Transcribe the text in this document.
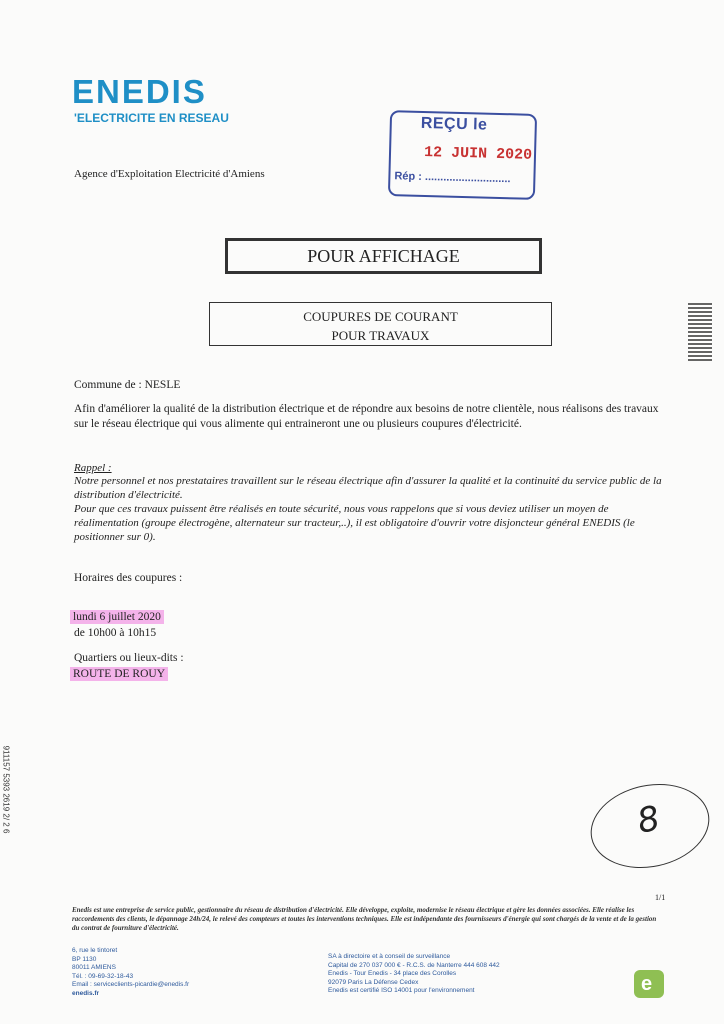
ENEDIS
'ELECTRICITE EN RESEAU
Agence d'Exploitation Electricité d'Amiens
REÇU le
12 JUIN 2020
Rép : ............................
POUR AFFICHAGE
COUPURES DE COURANT
POUR TRAVAUX
Commune de : NESLE
Afin d'améliorer la qualité de la distribution électrique et de répondre aux besoins de notre clientèle, nous réalisons des travaux sur le réseau électrique qui vous alimente qui entraineront une ou plusieurs coupures d'électricité.
Rappel :
Notre personnel et nos prestataires travaillent sur le réseau électrique afin d'assurer la qualité et la continuité du service public de la distribution d'électricité.
Pour que ces travaux puissent être réalisés en toute sécurité, nous vous rappelons que si vous deviez utiliser un moyen de réalimentation (groupe électrogène, alternateur sur tracteur,..), il est obligatoire d'ouvrir votre disjoncteur général ENEDIS (le positionner sur 0).
Horaires des coupures :
lundi 6 juillet 2020
de 10h00 à 10h15
Quartiers ou lieux-dits :
ROUTE DE ROUY
911157 5393 2619 2/ 2 6	8
1/1
Enedis est une entreprise de service public, gestionnaire du réseau de distribution d'électricité. Elle développe, exploite, modernise le réseau électrique et gère les données associées. Elle réalise les raccordements des clients, le dépannage 24h/24, le relevé des compteurs et toutes les interventions techniques. Elle est indépendante des fournisseurs d'énergie qui sont chargés de la vente et de la gestion du contrat de fourniture d'électricité.
6, rue le tintoret
BP 1130
80011 AMIENS
Tél. : 09-69-32-18-43
Email : serviceclients-picardie@enedis.fr
enedis.fr
SA à directoire et à conseil de surveillance
Capital de 270 037 000 € - R.C.S. de Nanterre 444 608 442
Enedis - Tour Enedis - 34 place des Corolles
92079 Paris La Défense Cedex
Enedis est certifié ISO 14001 pour l'environnement	e
